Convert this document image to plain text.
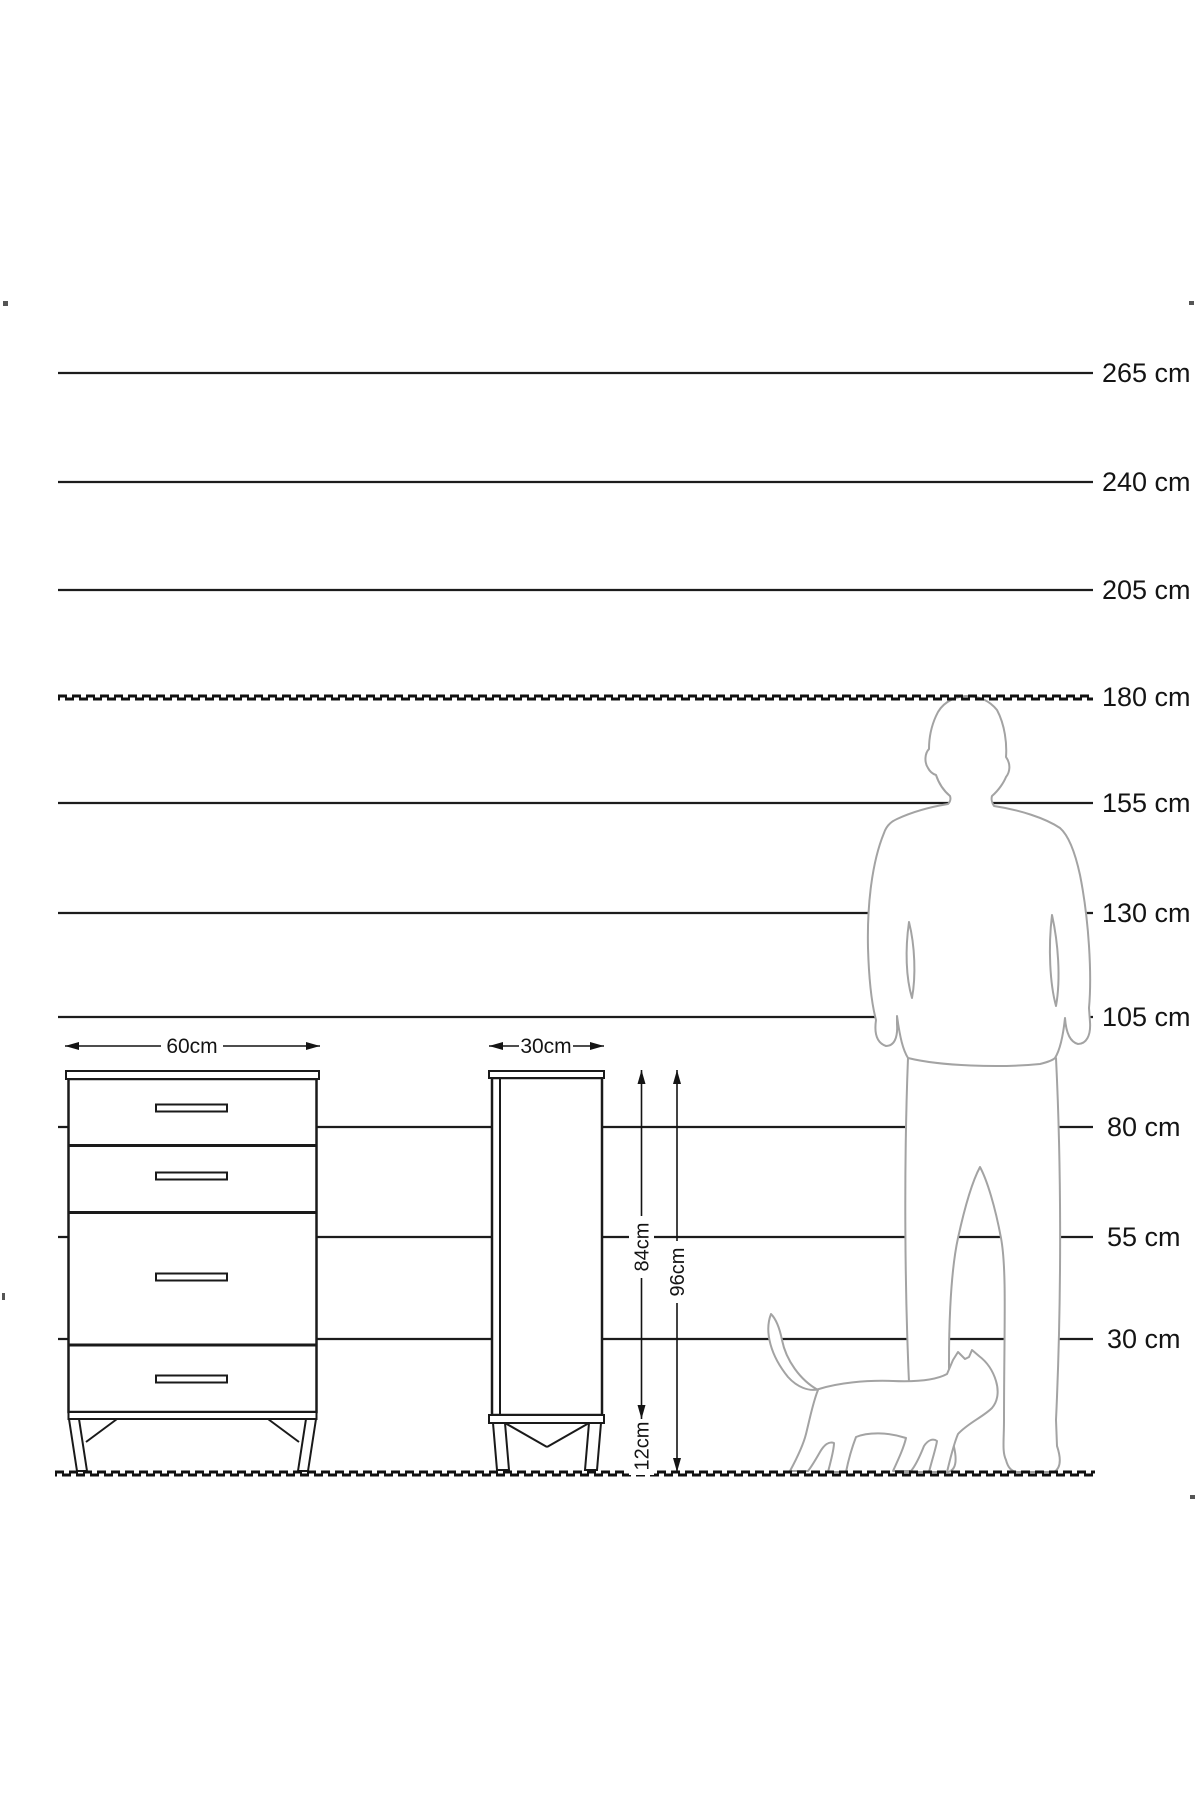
60cm	30cm
84cm
96cm
12cm
265 cm
240 cm
205 cm
180 cm
155 cm
130 cm
105 cm
80 cm
55 cm
30 cm
